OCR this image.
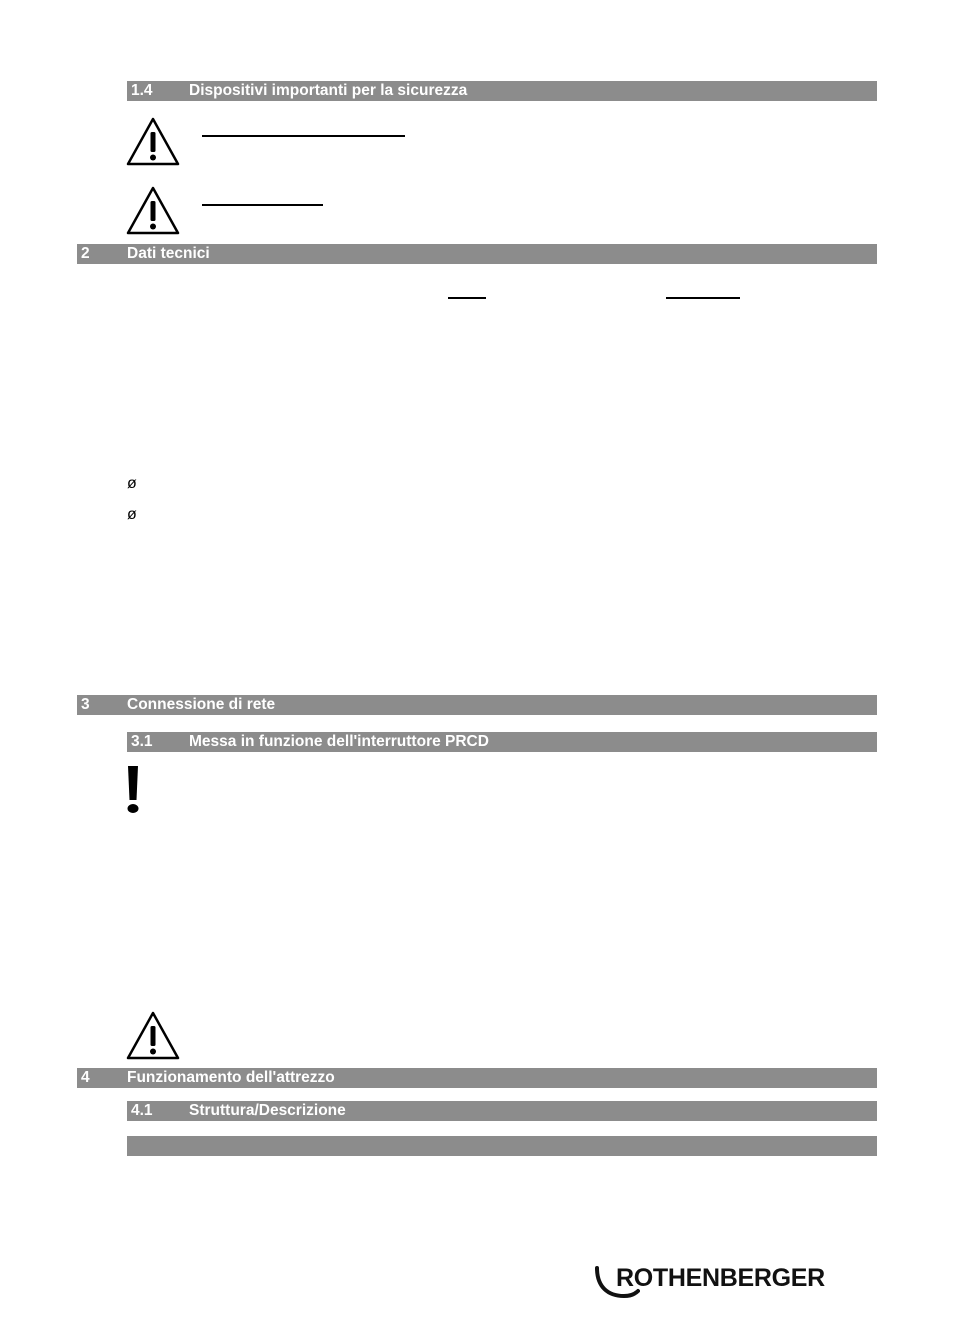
1.4 Dispositivi importanti per la sicurezza
2 Dati tecnici
ø
ø
3 Connessione di rete
3.1 Messa in funzione dell'interruttore PRCD
4 Funzionamento dell'attrezzo
4.1 Struttura/Descrizione
ROTHENBERGER
